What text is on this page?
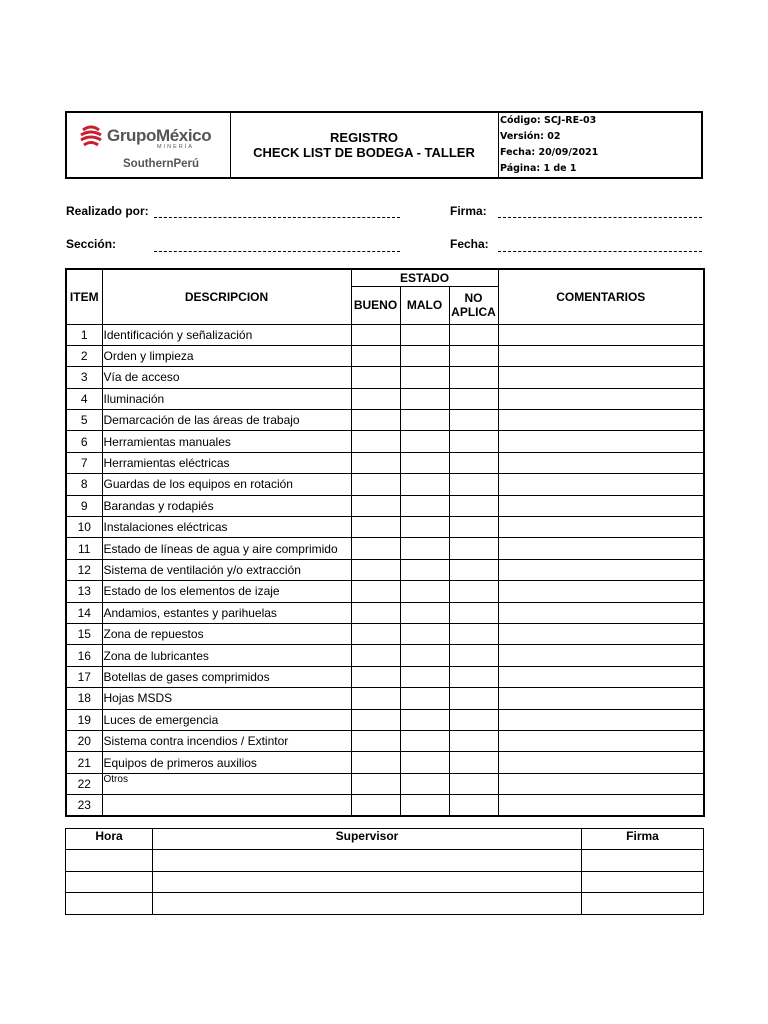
GrupoMéxico
MINERÍA
SouthernPerú
REGISTRO
CHECK LIST DE BODEGA - TALLER
Código: SCJ-RE-03
Versión: 02
Fecha: 20/09/2021
Página: 1 de 1
Realizado por:	Firma:
Sección:	Fecha:
ITEM	DESCRIPCION	ESTADO			COMENTARIOS
		BUENO	MALO	NO
APLICA	

1	Identificación y señalización				
2	Orden y limpieza				
3	Vía de acceso				
4	Iluminación				
5	Demarcación de las áreas de trabajo				
6	Herramientas manuales				
7	Herramientas eléctricas				
8	Guardas de los equipos en rotación				
9	Barandas y rodapiés				
10	Instalaciones eléctricas				
11	Estado de líneas de agua y aire comprimido				
12	Sistema de ventilación y/o extracción				
13	Estado de los elementos de izaje				
14	Andamios, estantes y parihuelas				
15	Zona de repuestos				
16	Zona de lubricantes				
17	Botellas de gases comprimidos				
18	Hojas MSDS				
19	Luces de emergencia				
20	Sistema contra incendios / Extintor				
21	Equipos de primeros auxilios				
22	Otros				
23					
Hora	Supervisor	Firma
